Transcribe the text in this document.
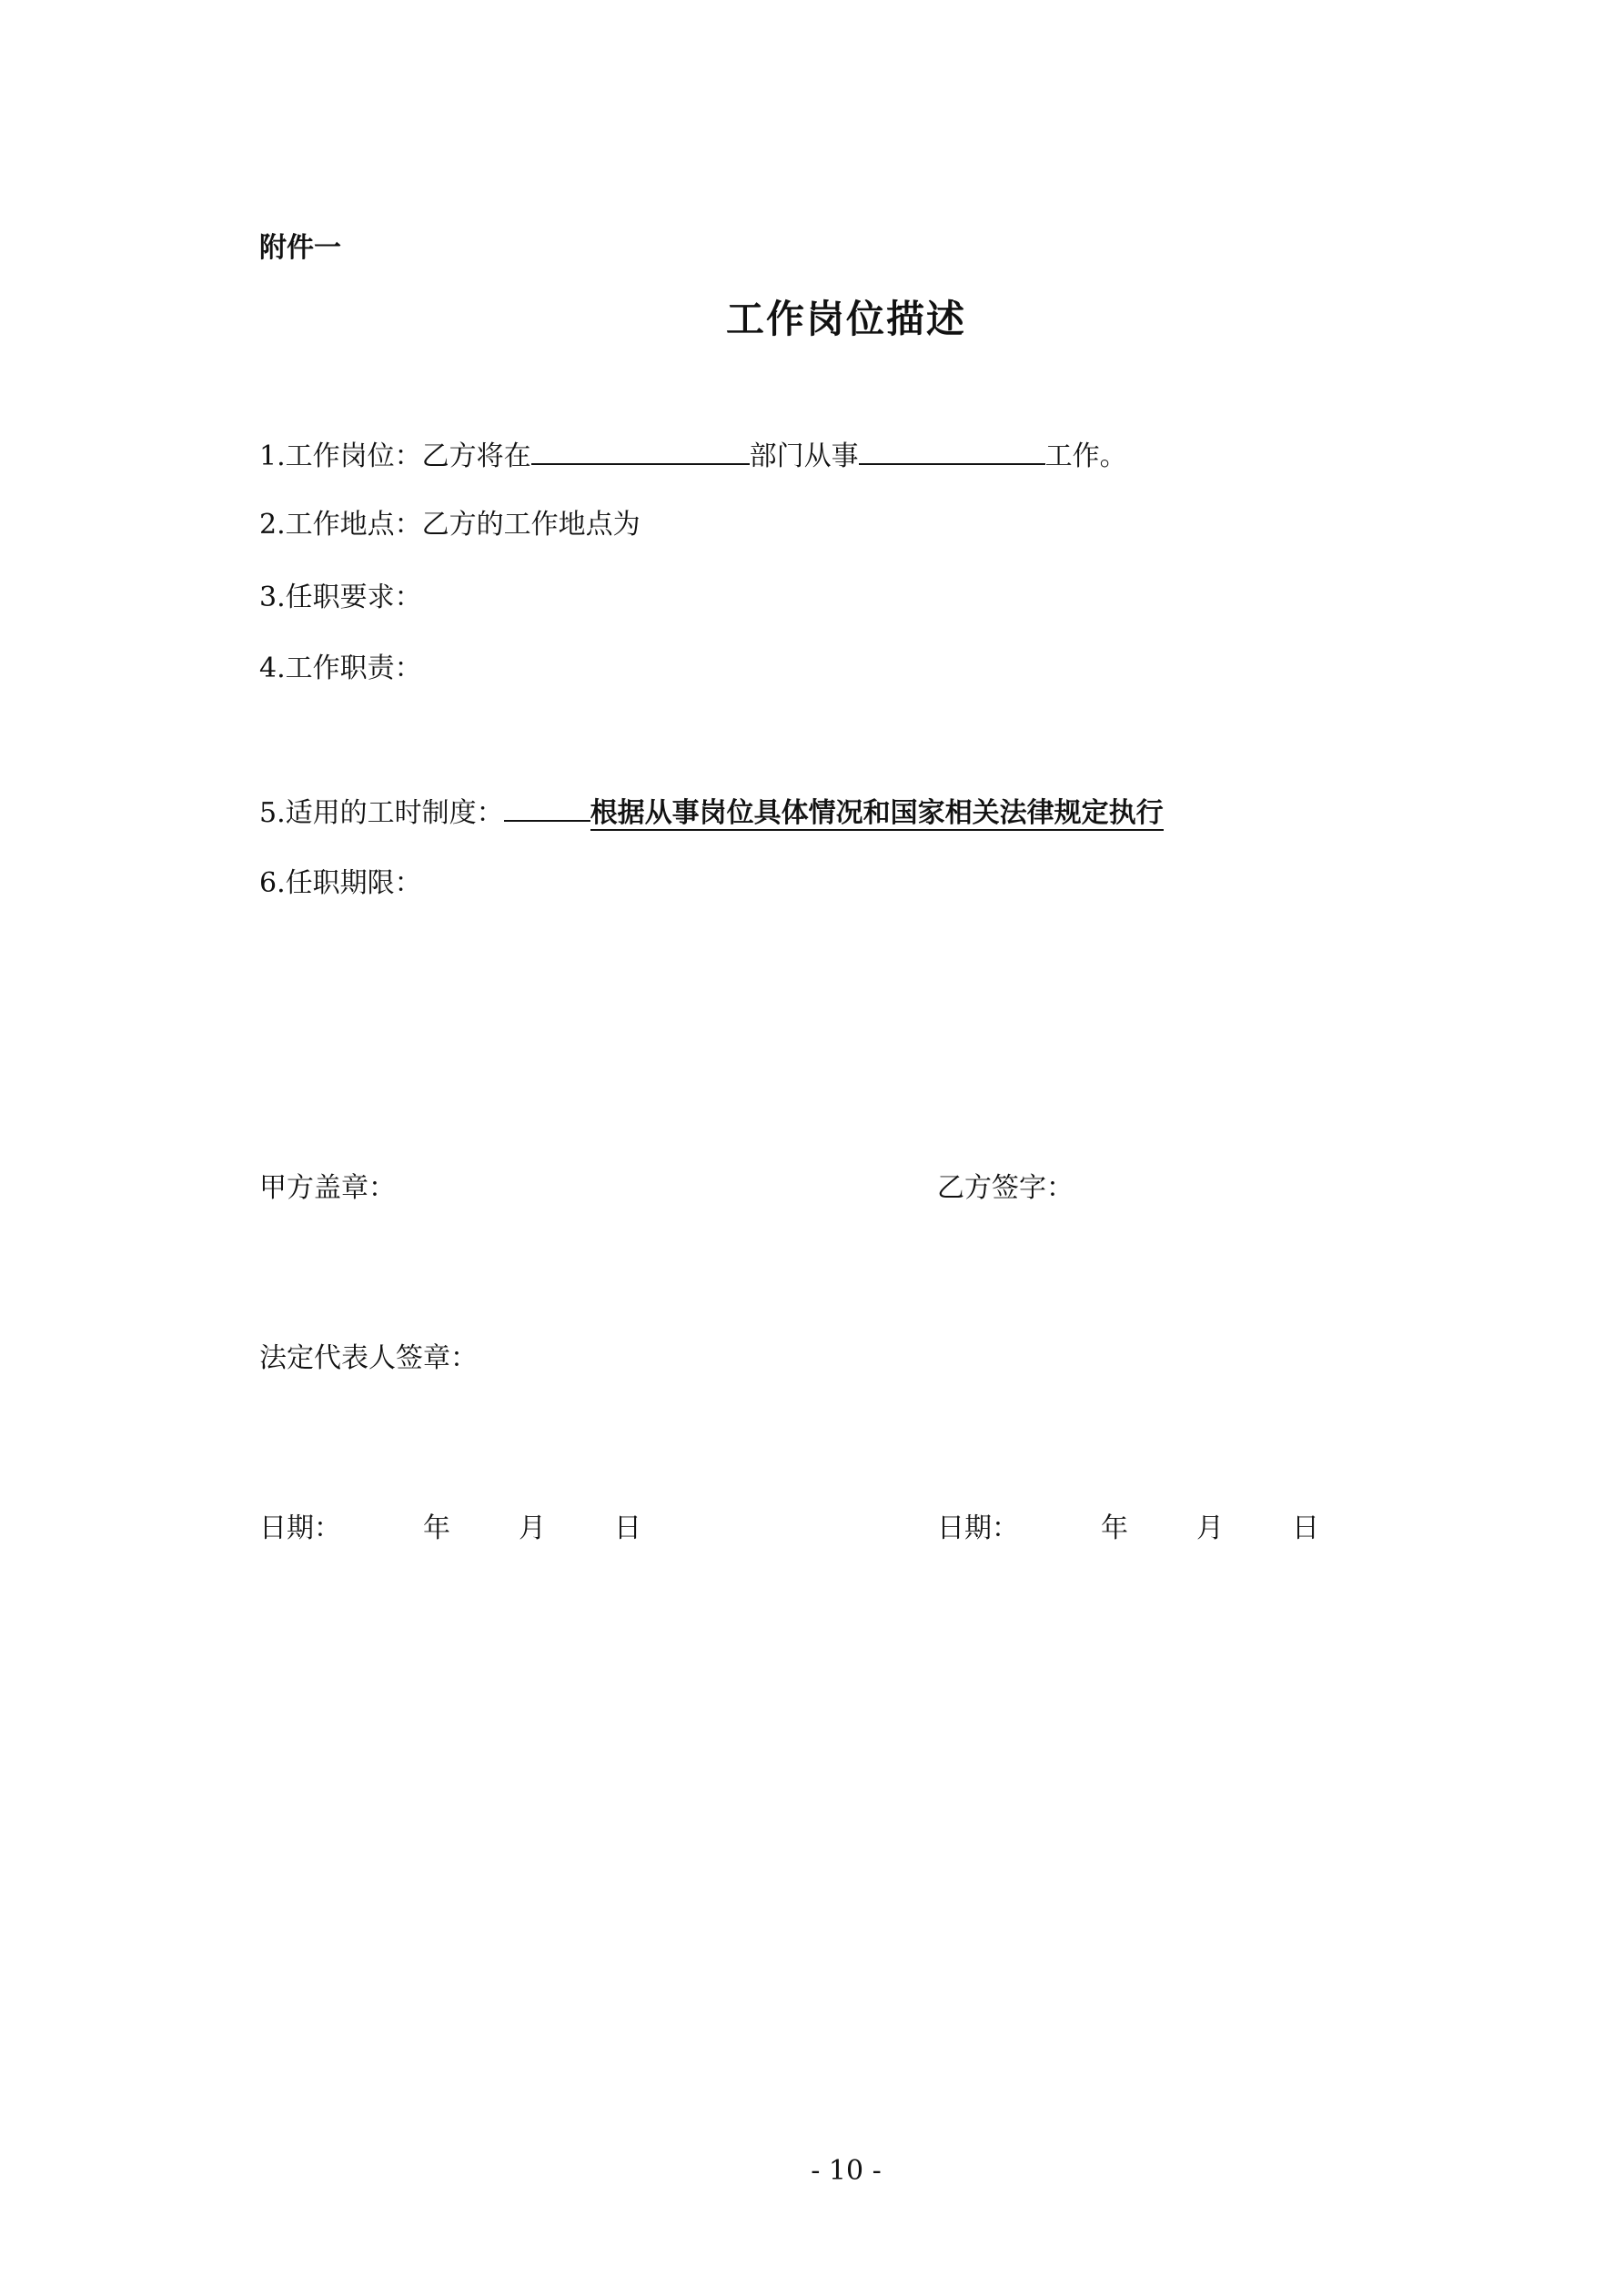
附件一
工作岗位描述
1.工作岗位：乙方将在	部门从事	工作。
2.工作地点：乙方的工作地点为
3.任职要求：
4.工作职责：
5.适用的工时制度：	根据从事岗位具体情况和国家相关法律规定执行
6.任职期限：
甲方盖章：	乙方签字：
法定代表人签章：
日期：	年	月	日	日期：	年	月	日
- 10 -
